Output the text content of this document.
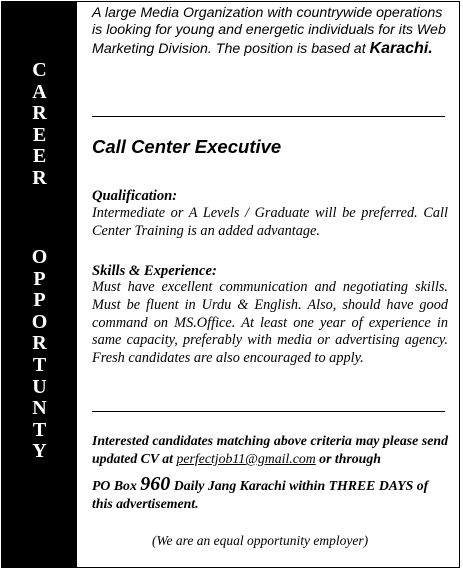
C
A
R
E
E
R
O
P
P
O
R
T
U
N
T
Y
A large Media Organization with countrywide operations is looking for young and energetic individuals for its Web Marketing Division. The position is based at Karachi.
Call Center Executive
Qualification:
Intermediate or A Levels / Graduate will be preferred. Call Center Training is an added advantage.
Skills & Experience:
Must have excellent communication and negotiating skills. Must be fluent in Urdu & English. Also, should have good command on MS.Office. At least one year of experience in same capacity, preferably with media or advertising agency. Fresh candidates are also encouraged to apply.
Interested candidates matching above criteria may please send updated CV at perfectjob11@gmail.com or through
PO Box 960 Daily Jang Karachi within THREE DAYS of this advertisement.
(We are an equal opportunity employer)
